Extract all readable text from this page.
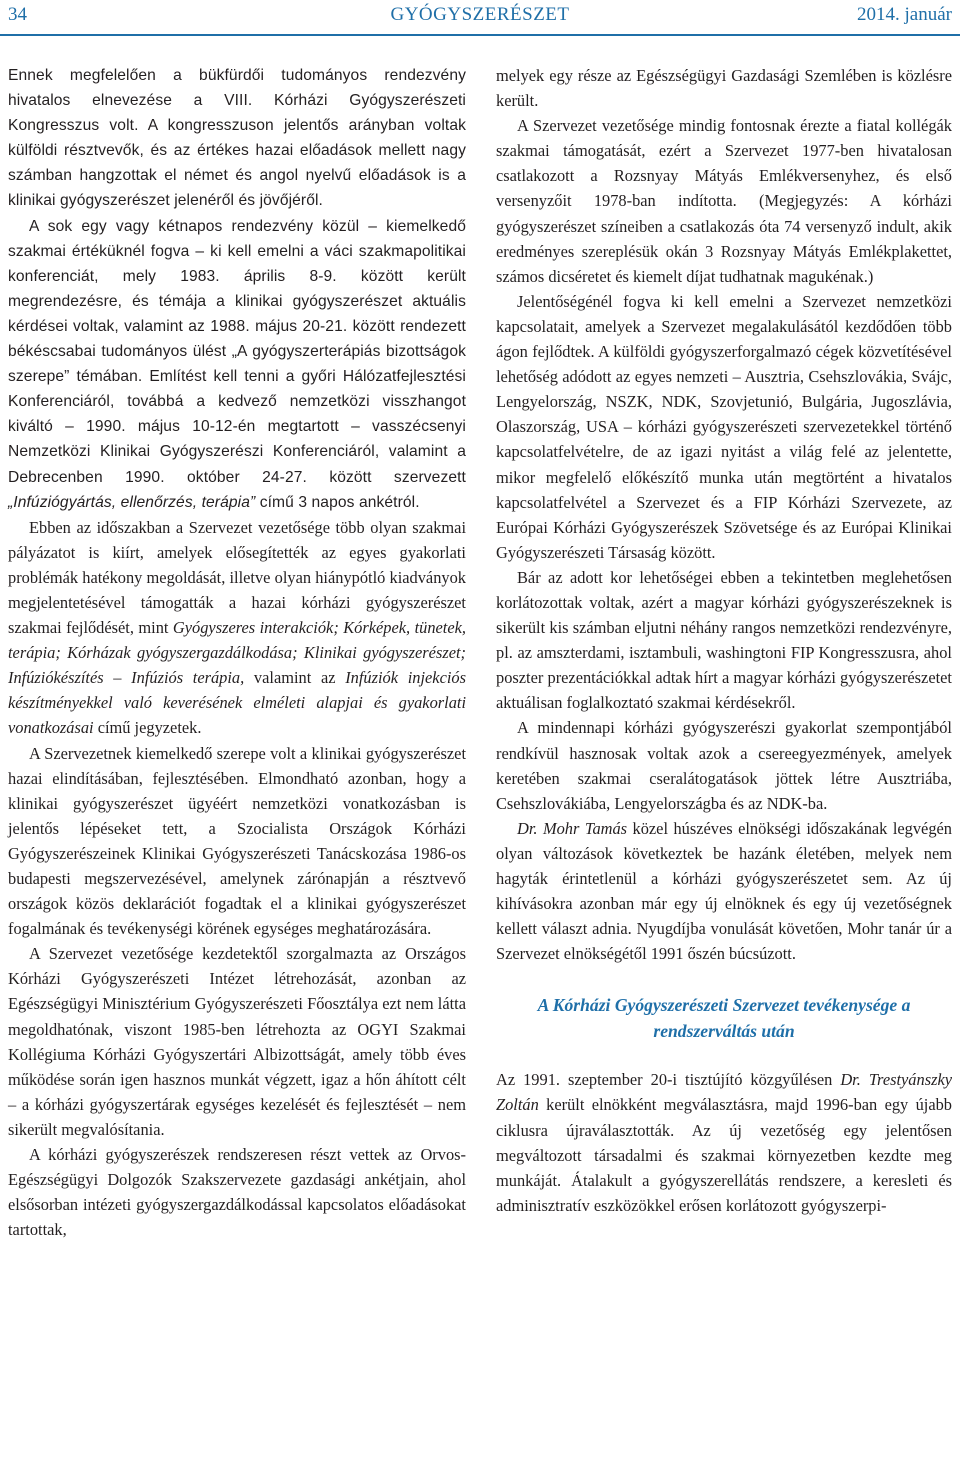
34	GYÓGYSZERÉSZET	2014. január

Ennek megfelelően a bükfürdői tudományos rendezvény hivatalos elnevezése a VIII. Kórházi Gyógyszerészeti Kongresszus volt. A kongresszuson jelentős arányban voltak külföldi résztvevők, és az értékes hazai előadások mellett nagy számban hangzottak el német és angol nyelvű előadások is a klinikai gyógyszerészet jelenéről és jövőjéről.

A sok egy vagy kétnapos rendezvény közül – kiemelkedő szakmai értéküknél fogva – ki kell emelni a váci szakmapolitikai konferenciát, mely 1983. április 8-9. között került megrendezésre, és témája a klinikai gyógyszerészet aktuális kérdései voltak, valamint az 1988. május 20-21. között rendezett békéscsabai tudományos ülést „A gyógyszerterápiás bizottságok szerepe” témában. Említést kell tenni a győri Hálózatfejlesztési Konferenciáról, továbbá a kedvező nemzetközi visszhangot kiváltó – 1990. május 10-12-én megtartott – vasszécsenyi Nemzetközi Klinikai Gyógyszerészi Konferenciáról, valamint a Debrecenben 1990. október 24-27. között szervezett „Infúziógyártás, ellenőrzés, terápia” című 3 napos ankétról.

Ebben az időszakban a Szervezet vezetősége több olyan szakmai pályázatot is kiírt, amelyek elősegítették az egyes gyakorlati problémák hatékony megoldását, illetve olyan hiánypótló kiadványok megjelentetésével támogatták a hazai kórházi gyógyszerészet szakmai fejlődését, mint Gyógyszeres interakciók; Kórképek, tünetek, terápia; Kórházak gyógyszergazdálkodása; Klinikai gyógyszerészet; Infúziókészítés – Infúziós terápia, valamint az Infúziók injekciós készítményekkel való keverésének elméleti alapjai és gyakorlati vonatkozásai című jegyzetek.

A Szervezetnek kiemelkedő szerepe volt a klinikai gyógyszerészet hazai elindításában, fejlesztésében. Elmondható azonban, hogy a klinikai gyógyszerészet ügyéért nemzetközi vonatkozásban is jelentős lépéseket tett, a Szocialista Országok Kórházi Gyógyszerészeinek Klinikai Gyógyszerészeti Tanácskozása 1986-os budapesti megszervezésével, amelynek zárónapján a résztvevő országok közös deklarációt fogadtak el a klinikai gyógyszerészet fogalmának és tevékenységi körének egységes meghatározására.

A Szervezet vezetősége kezdetektől szorgalmazta az Országos Kórházi Gyógyszerészeti Intézet létrehozását, azonban az Egészségügyi Minisztérium Gyógyszerészeti Főosztálya ezt nem látta megoldhatónak, viszont 1985-ben létrehozta az OGYI Szakmai Kollégiuma Kórházi Gyógyszertári Albizottságát, amely több éves működése során igen hasznos munkát végzett, igaz a hőn áhított célt – a kórházi gyógyszertárak egységes kezelését és fejlesztését – nem sikerült megvalósítania.

A kórházi gyógyszerészek rendszeresen részt vettek az Orvos-Egészségügyi Dolgozók Szakszervezete gazdasági ankétjain, ahol elsősorban intézeti gyógyszergazdálkodással kapcsolatos előadásokat tartottak,

melyek egy része az Egészségügyi Gazdasági Szemlében is közlésre került.

A Szervezet vezetősége mindig fontosnak érezte a fiatal kollégák szakmai támogatását, ezért a Szervezet 1977-ben hivatalosan csatlakozott a Rozsnyay Mátyás Emlékversenyhez, és első versenyzőit 1978-ban indította. (Megjegyzés: A kórházi gyógyszerészet színeiben a csatlakozás óta 74 versenyző indult, akik eredményes szereplésük okán 3 Rozsnyay Mátyás Emlékplakettet, számos dicséretet és kiemelt díjat tudhatnak magukénak.)

Jelentőségénél fogva ki kell emelni a Szervezet nemzetközi kapcsolatait, amelyek a Szervezet megalakulásától kezdődően több ágon fejlődtek. A külföldi gyógyszerforgalmazó cégek közvetítésével lehetőség adódott az egyes nemzeti – Ausztria, Csehszlovákia, Svájc, Lengyelország, NSZK, NDK, Szovjetunió, Bulgária, Jugoszlávia, Olaszország, USA – kórházi gyógyszerészeti szervezetekkel történő kapcsolatfelvételre, de az igazi nyitást a világ felé az jelentette, mikor megfelelő előkészítő munka után megtörtént a hivatalos kapcsolatfelvétel a Szervezet és a FIP Kórházi Szervezete, az Európai Kórházi Gyógyszerészek Szövetsége és az Európai Klinikai Gyógyszerészeti Társaság között.

Bár az adott kor lehetőségei ebben a tekintetben meglehetősen korlátozottak voltak, azért a magyar kórházi gyógyszerészeknek is sikerült kis számban eljutni néhány rangos nemzetközi rendezvényre, pl. az amszterdami, isztambuli, washingtoni FIP Kongresszusra, ahol poszter prezentációkkal adtak hírt a magyar kórházi gyógyszerészetet aktuálisan foglalkoztató szakmai kérdésekről.

A mindennapi kórházi gyógyszerészi gyakorlat szempontjából rendkívül hasznosak voltak azok a csereegyezmények, amelyek keretében szakmai cseralátogatások jöttek létre Ausztriába, Csehszlovákiába, Lengyelországba és az NDK-ba.

Dr. Mohr Tamás közel húszéves elnökségi időszakának legvégén olyan változások következtek be hazánk életében, melyek nem hagyták érintetlenül a kórházi gyógyszerészetet sem. Az új kihívásokra azonban már egy új elnöknek és egy új vezetőségnek kellett választ adnia. Nyugdíjba vonulását követően, Mohr tanár úr a Szervezet elnökségétől 1991 őszén búcsúzott.

A Kórházi Gyógyszerészeti Szervezet tevékenysége a rendszerváltás után

Az 1991. szeptember 20-i tisztújító közgyűlésen Dr. Trestyánszky Zoltán került elnökként megválasztásra, majd 1996-ban egy újabb ciklusra újraválasztották. Az új vezetőség egy jelentősen megváltozott társadalmi és szakmai környezetben kezdte meg munkáját. Átalakult a gyógyszerellátás rendszere, a keresleti és adminisztratív eszközökkel erősen korlátozott gyógyszerpi-
